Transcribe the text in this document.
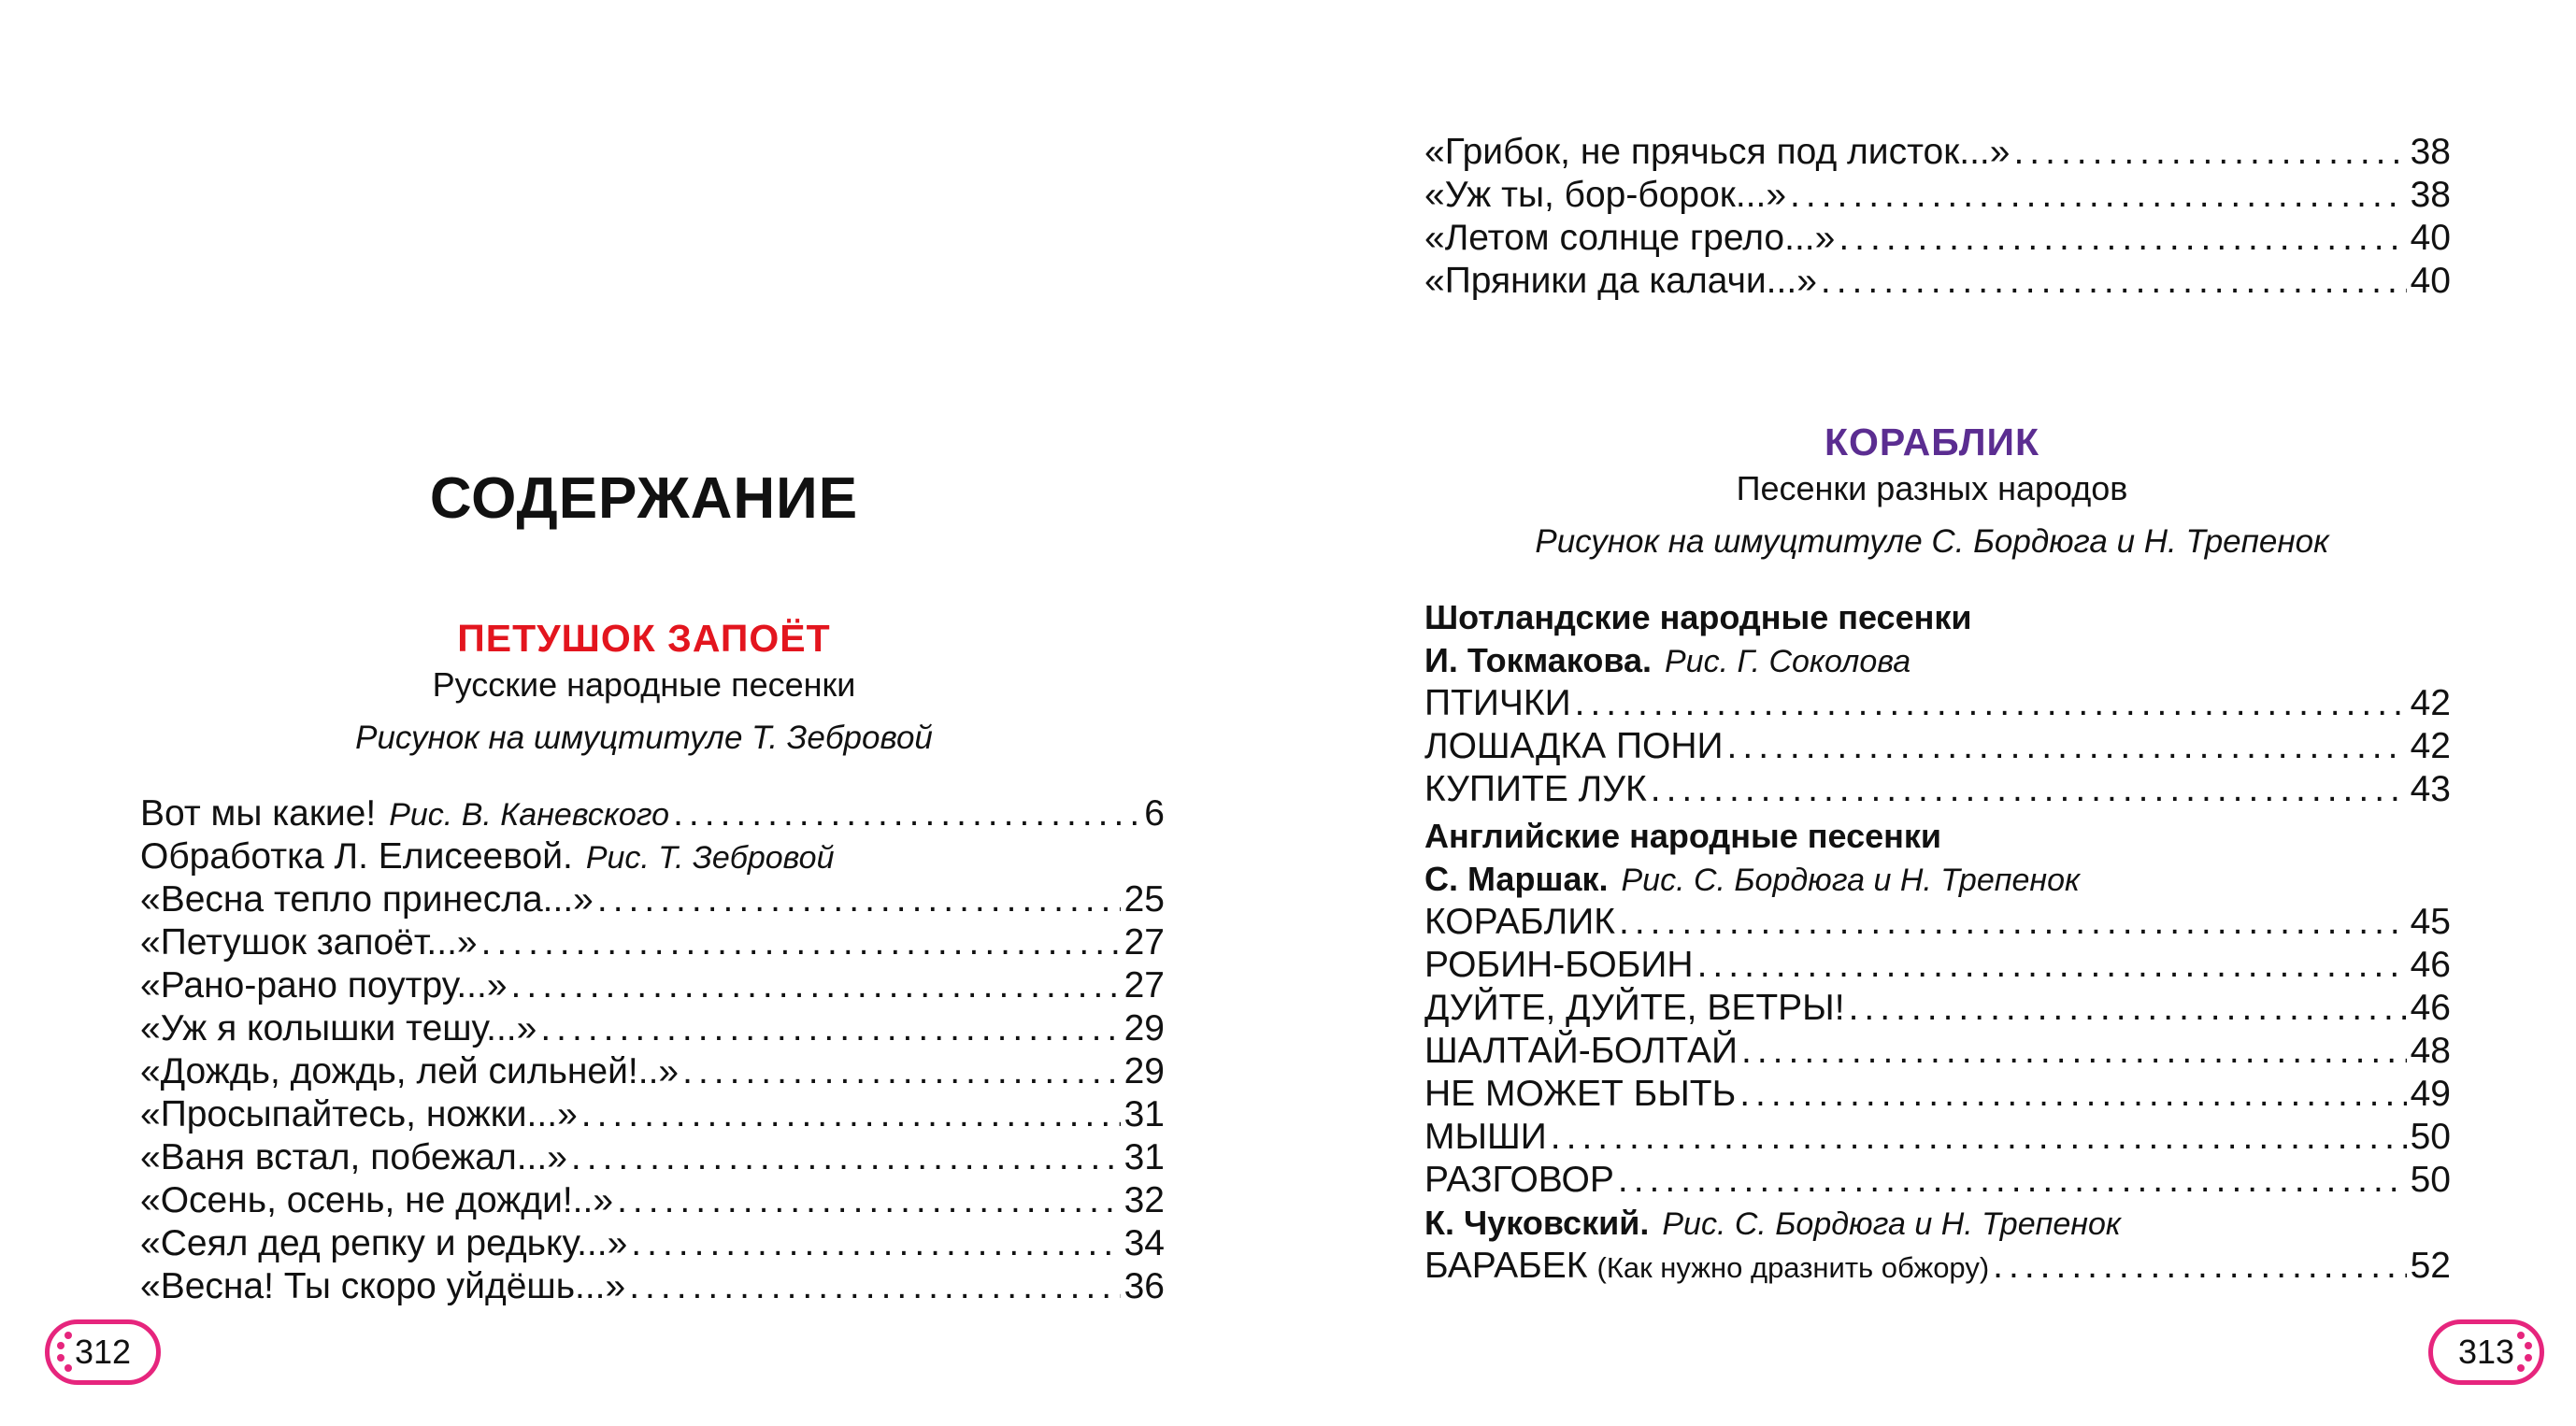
СОДЕРЖАНИЕ
ПЕТУШОК ЗАПОЁТ
Русские народные песенки
Рисунок на шмуцтитуле Т. Зебровой
Вот мы какие! Рис. В. Каневского .....	6
Обработка Л. Елисеевой. Рис. Т. Зебровой
«Весна тепло принесла...» .....	25
«Петушок запоёт...» .....	27
«Рано-рано поутру...» .....	27
«Уж я колышки тешу...» .....	29
«Дождь, дождь, лей сильней!..» .....	29
«Просыпайтесь, ножки...» .....	31
«Ваня встал, побежал...» .....	31
«Осень, осень, не дожди!..» .....	32
«Сеял дед репку и редьку...» .....	34
«Весна! Ты скоро уйдёшь...» .....	36
312
«Грибок, не прячься под листок...» .....	38
«Уж ты, бор-борок...» .....	38
«Летом солнце грело...» .....	40
«Пряники да калачи...» .....	40
КОРАБЛИК
Песенки разных народов
Рисунок на шмуцтитуле С. Бордюга и Н. Трепенок
Шотландские народные песенки
И. Токмакова. Рис. Г. Соколова
ПТИЧКИ .....	42
ЛОШАДКА ПОНИ .....	42
КУПИТЕ ЛУК .....	43
Английские народные песенки
С. Маршак. Рис. С. Бордюга и Н. Трепенок
КОРАБЛИК .....	45
РОБИН-БОБИН .....	46
ДУЙТЕ, ДУЙТЕ, ВЕТРЫ! .....	46
ШАЛТАЙ-БОЛТАЙ .....	48
НЕ МОЖЕТ БЫТЬ .....	49
МЫШИ .....	50
РАЗГОВОР .....	50
К. Чуковский. Рис. С. Бордюга и Н. Трепенок
БАРАБЕК (Как нужно дразнить обжору) .....	52
313
